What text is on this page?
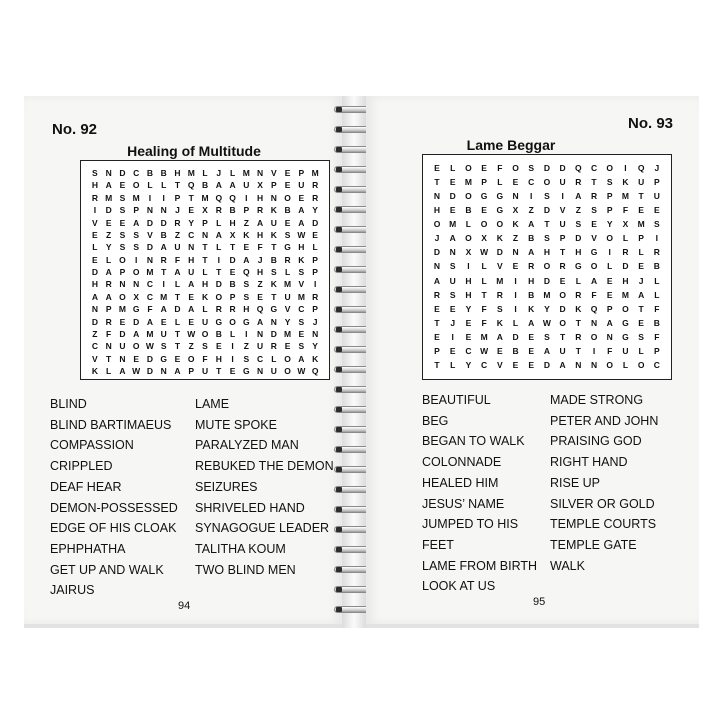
No. 92
Healing of Multitude
S N D C B B H M L	J	L M N V E P M
H A E O L	L	T Q B A A U X P E U R
R M S M	I	I	P T M Q Q	I	H N O E R
I	D S P N N J	E X R B P R K B A Y
V E E A D D R Y P L H Z A U E A D
E Z S S V B Z C N A X K H K S W E
L Y S S D A U N T	L	T E F	T G H L
E L O	I	N R F H T	I	D A J B R K P
D A P O M T A U L	T E Q H S L S P
H R N N C	I	L A H D B S Z K M V	I
A A O X C M T E K O P S E T U M R
N P M G F A D A L R R H Q G V C P
D R E D A E L E U G O G A N Y S	J
Z	F D A M U T W O B L	I	N D M E N
C N U O W S T	Z S E	I	Z U R E S Y
V T N E D G E O F H	I	S C L O A K
K L A W D N A P U T E G N U O W Q
BLIND
BLIND BARTIMAEUS
COMPASSION
CRIPPLED
DEAF HEAR
DEMON-POSSESSED
EDGE OF HIS CLOAK
EPHPHATHA
GET UP AND WALK
JAIRUS
LAME
MUTE SPOKE
PARALYZED MAN
REBUKED THE DEMON
SEIZURES
SHRIVELED HAND
SYNAGOGUE LEADER
TALITHA KOUM
TWO BLIND MEN
94
No. 93
Lame Beggar
E	L	O	E	F	O	S	D	D	Q	C	O	I	Q	J
T	E	M	P	L	E	C	O	U	R	T	S	K	U	P
N	D	O	G	G	N	I	S	I	A	R	P	M	T	U
H	E	B	E	G	X	Z	D	V	Z	S	P	F	E	E
O	M	L	O	O	K	A	T	U	S	E	Y	X	M	S
J	A	O	X	K	Z	B	S	P	D	V	O	L	P	I
D	N	X	W	D	N	A	H	T	H	G	I	R	L	R
N	S	I	L	V	E	R	O	R	G	O	L	D	E	B
A	U	H	L	M	I	H	D	E	L	A	E	H	J	L
R	S	H	T	R	I	B	M	O	R	F	E	M	A	L
E	E	Y	F	S	I	K	Y	D	K	Q	P	O	T	F
T	J	E	F	K	L	A	W O	T	N	A	G	E	B
E	I	E	M	A	D	E	S	T	R	O	N	G	S	F
P	E	C	W	E	B	E	A	U	T	I	F	U	L	P
T	L	Y	C	V	E	E	D	A	N	N	O	L	O	C
BEAUTIFUL
BEG
BEGAN TO WALK
COLONNADE
HEALED HIM
JESUS’ NAME
JUMPED TO HIS
FEET
LAME FROM BIRTH
LOOK AT US
MADE STRONG
PETER AND JOHN
PRAISING GOD
RIGHT HAND
RISE UP
SILVER OR GOLD
TEMPLE COURTS
TEMPLE GATE
WALK
95
